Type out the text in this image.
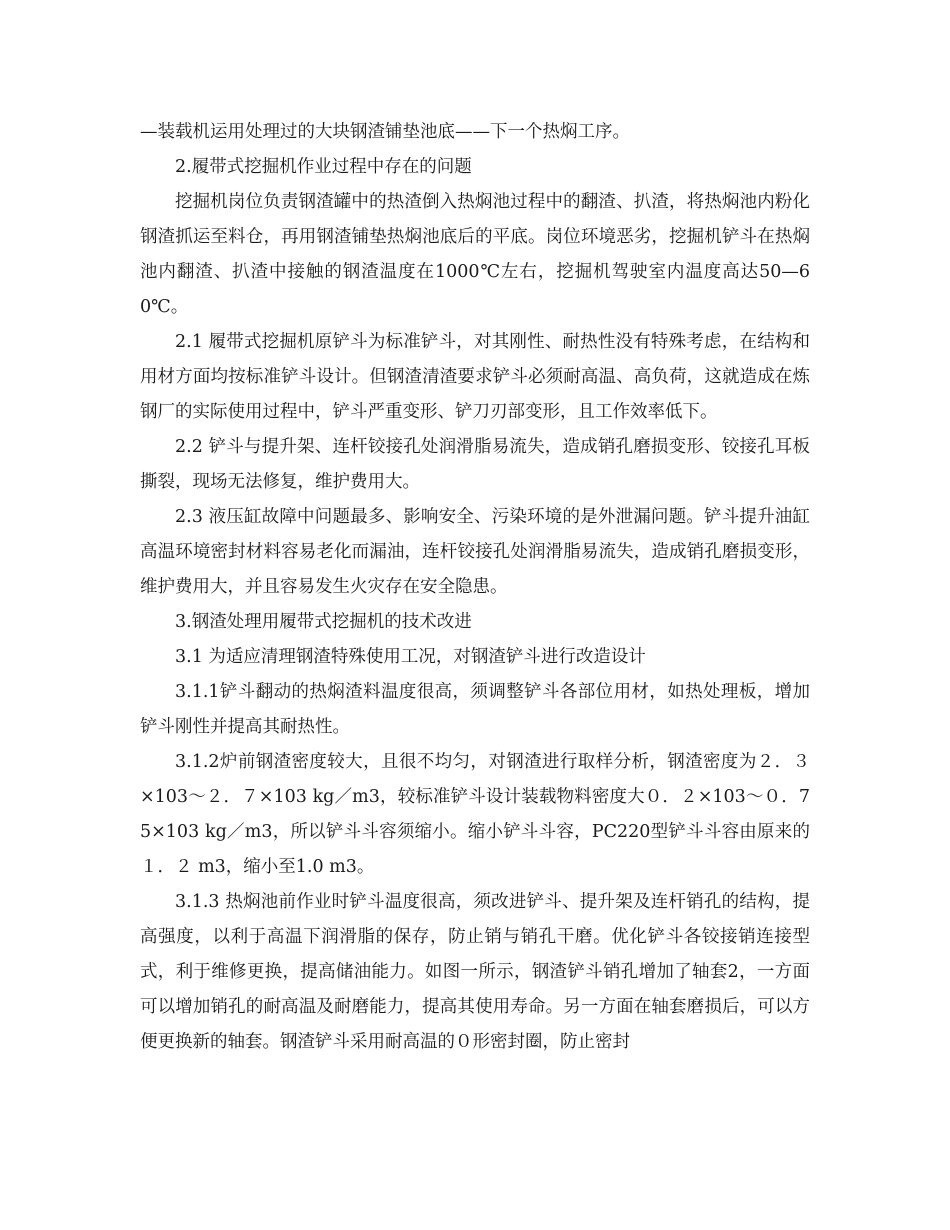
—装载机运用处理过的大块钢渣铺垫池底——下一个热焖工序。

2.履带式挖掘机作业过程中存在的问题

挖掘机岗位负责钢渣罐中的热渣倒入热焖池过程中的翻渣、扒渣，将热焖池内粉化钢渣抓运至料仓，再用钢渣铺垫热焖池底后的平底。岗位环境恶劣，挖掘机铲斗在热焖池内翻渣、扒渣中接触的钢渣温度在1000℃左右，挖掘机驾驶室内温度高达50—60℃。

2.1 履带式挖掘机原铲斗为标准铲斗，对其刚性、耐热性没有特殊考虑，在结构和用材方面均按标准铲斗设计。但钢渣清渣要求铲斗必须耐高温、高负荷，这就造成在炼钢厂的实际使用过程中，铲斗严重变形、铲刀刃部变形，且工作效率低下。

2.2 铲斗与提升架、连杆铰接孔处润滑脂易流失，造成销孔磨损变形、铰接孔耳板撕裂，现场无法修复，维护费用大。

2.3 液压缸故障中问题最多、影响安全、污染环境的是外泄漏问题。铲斗提升油缸高温环境密封材料容易老化而漏油，连杆铰接孔处润滑脂易流失，造成销孔磨损变形，维护费用大，并且容易发生火灾存在安全隐患。

3.钢渣处理用履带式挖掘机的技术改进

3.1 为适应清理钢渣特殊使用工况，对钢渣铲斗进行改造设计

3.1.1铲斗翻动的热焖渣料温度很高，须调整铲斗各部位用材，如热处理板，增加铲斗刚性并提高其耐热性。

3.1.2炉前钢渣密度较大，且很不均匀，对钢渣进行取样分析，钢渣密度为２．３×103～２．７×103 kg／m3，较标准铲斗设计装载物料密度大０．２×103～０．75×103 kg／m3，所以铲斗斗容须缩小。缩小铲斗斗容，PC220型铲斗斗容由原来的１．２ m3，缩小至1.0 m3。

3.1.3 热焖池前作业时铲斗温度很高，须改进铲斗、提升架及连杆销孔的结构，提高强度，以利于高温下润滑脂的保存，防止销与销孔干磨。优化铲斗各铰接销连接型式，利于维修更换，提高储油能力。如图一所示，钢渣铲斗销孔增加了轴套2，一方面可以增加销孔的耐高温及耐磨能力，提高其使用寿命。另一方面在轴套磨损后，可以方便更换新的轴套。钢渣铲斗采用耐高温的０形密封圈，防止密封
